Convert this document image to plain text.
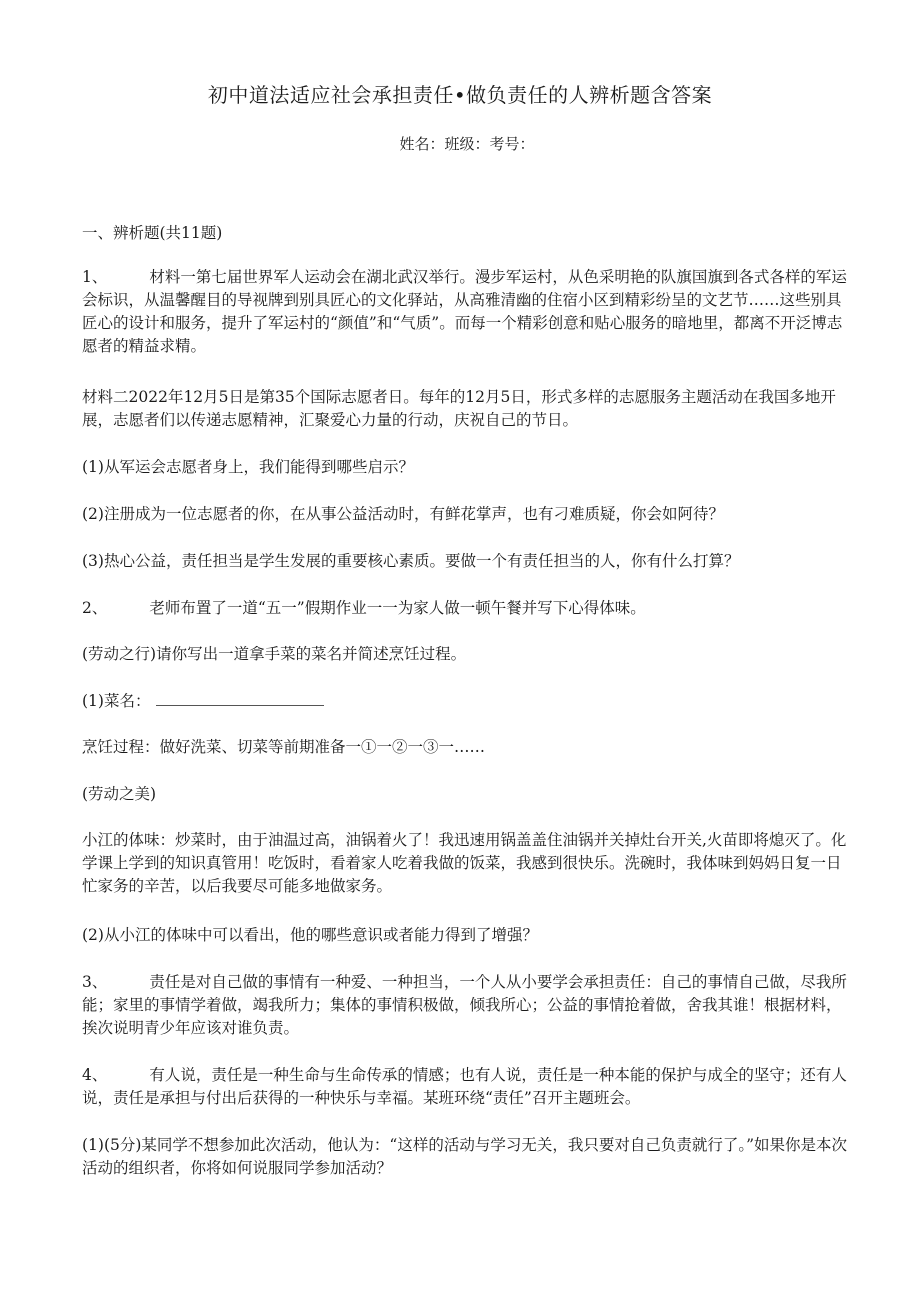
初中道法适应社会承担责任•做负责任的人辨析题含答案
姓名：班级：考号：
一、辨析题(共11题)
1、	材料一第七届世界军人运动会在湖北武汉举行。漫步军运村，从色采明艳的队旗国旗到各式各样的军运会标识，从温馨醒目的导视牌到别具匠心的文化驿站，从高雅清幽的住宿小区到精彩纷呈的文艺节……这些别具匠心的设计和服务，提升了军运村的“颜值”和“气质”。而每一个精彩创意和贴心服务的暗地里，都离不开泛博志愿者的精益求精。
材料二2022年12月5日是第35个国际志愿者日。每年的12月5日，形式多样的志愿服务主题活动在我国多地开展，志愿者们以传递志愿精神，汇聚爱心力量的行动，庆祝自己的节日。
(1)从军运会志愿者身上，我们能得到哪些启示？
(2)注册成为一位志愿者的你，在从事公益活动时，有鲜花掌声，也有刁难质疑，你会如阿待？
(3)热心公益，责任担当是学生发展的重要核心素质。要做一个有责任担当的人，你有什么打算？
2、	老师布置了一道“五一”假期作业一一为家人做一顿午餐并写下心得体味。
(劳动之行)请你写出一道拿手菜的菜名并简述烹饪过程。
(1)菜名：
烹饪过程：做好洗菜、切菜等前期准备一①一②一③一……
(劳动之美)
小江的体味：炒菜时，由于油温过高，油锅着火了！我迅速用锅盖盖住油锅并关掉灶台开关,火苗即将熄灭了。化学课上学到的知识真管用！吃饭时，看着家人吃着我做的饭菜，我感到很快乐。洗碗时，我体味到妈妈日复一日忙家务的辛苦，以后我要尽可能多地做家务。
(2)从小江的体味中可以看出，他的哪些意识或者能力得到了增强？
3、	责任是对自己做的事情有一种爱、一种担当，一个人从小要学会承担责任：自己的事情自己做，尽我所能；家里的事情学着做，竭我所力；集体的事情积极做，倾我所心；公益的事情抢着做，舍我其谁！根据材料，挨次说明青少年应该对谁负责。
4、	有人说，责任是一种生命与生命传承的情感；也有人说，责任是一种本能的保护与成全的坚守；还有人说，责任是承担与付出后获得的一种快乐与幸福。某班环绕“责任”召开主题班会。
(1)(5分)某同学不想参加此次活动，他认为：“这样的活动与学习无关，我只要对自己负责就行了。”如果你是本次活动的组织者，你将如何说服同学参加活动？
